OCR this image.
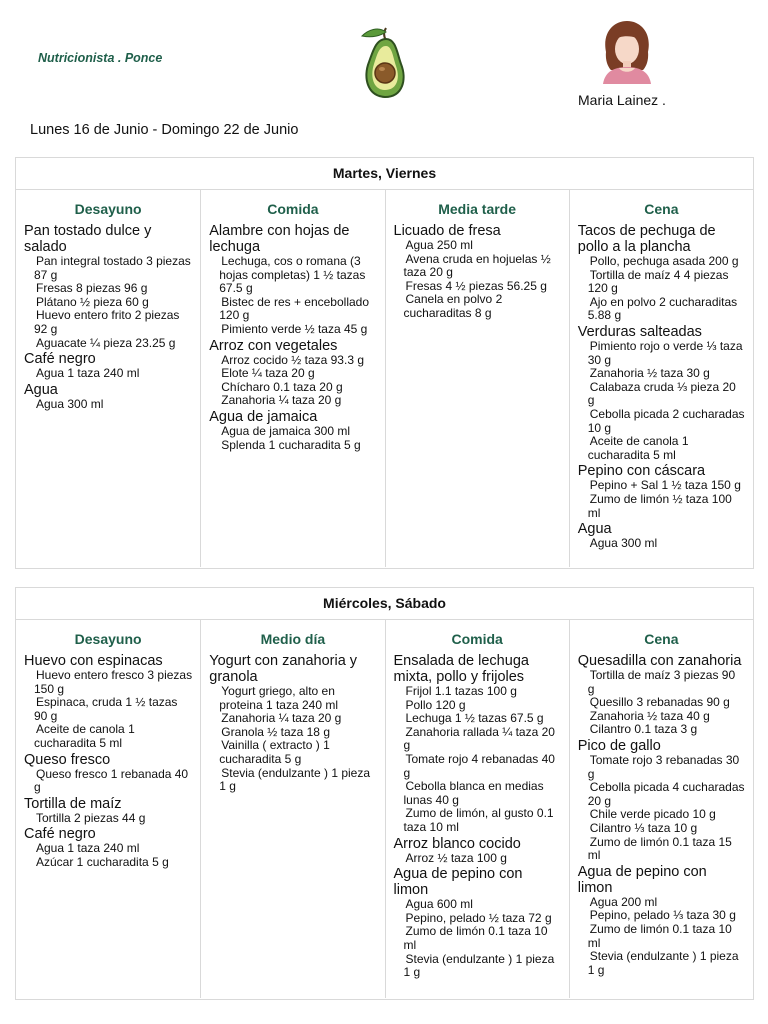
Nutricionista . Ponce
Maria Lainez .
Lunes 16 de Junio - Domingo 22 de Junio
Martes, Viernes
Desayuno
Pan tostado dulce y salado
Pan integral tostado 3 piezas 87 g
Fresas 8 piezas 96 g
Plátano ½ pieza 60 g
Huevo entero frito 2 piezas 92 g
Aguacate ¼ pieza 23.25 g
Café negro
Agua 1 taza 240 ml
Agua
Agua 300 ml
Comida
Alambre con hojas de lechuga
Lechuga, cos o romana (3 hojas completas) 1 ½ tazas 67.5 g
Bistec de res + encebollado 120 g
Pimiento verde ½ taza 45 g
Arroz con vegetales
Arroz cocido ½ taza 93.3 g
Elote ¼ taza 20 g
Chícharo 0.1 taza 20 g
Zanahoria ¼ taza 20 g
Agua de jamaica
Agua de jamaica 300 ml
Splenda 1 cucharadita 5 g
Media tarde
Licuado de fresa
Agua 250 ml
Avena cruda en hojuelas ½ taza 20 g
Fresas 4 ½ piezas 56.25 g
Canela en polvo 2 cucharaditas 8 g
Cena
Tacos de pechuga de pollo a la plancha
Pollo, pechuga asada 200 g
Tortilla de maíz 4 4 piezas 120 g
Ajo en polvo 2 cucharaditas 5.88 g
Verduras salteadas
Pimiento rojo o verde ⅓ taza 30 g
Zanahoria ½ taza 30 g
Calabaza cruda ⅓ pieza 20 g
Cebolla picada 2 cucharadas 10 g
Aceite de canola 1 cucharadita 5 ml
Pepino con cáscara
Pepino + Sal 1 ½ taza 150 g
Zumo de limón ½ taza 100 ml
Agua
Agua 300 ml
Miércoles, Sábado
Desayuno
Huevo con espinacas
Huevo entero fresco 3 piezas 150 g
Espinaca, cruda 1 ½ tazas 90 g
Aceite de canola 1 cucharadita 5 ml
Queso fresco
Queso fresco 1 rebanada 40 g
Tortilla de maíz
Tortilla 2 piezas 44 g
Café negro
Agua 1 taza 240 ml
Azúcar 1 cucharadita 5 g
Medio día
Yogurt con zanahoria y granola
Yogurt griego, alto en proteina 1 taza 240 ml
Zanahoria ¼ taza 20 g
Granola ½ taza 18 g
Vainilla ( extracto ) 1 cucharadita 5 g
Stevia (endulzante ) 1 pieza 1 g
Comida
Ensalada de lechuga mixta, pollo y frijoles
Frijol 1.1 tazas 100 g
Pollo 120 g
Lechuga 1 ½ tazas 67.5 g
Zanahoria rallada ¼ taza 20 g
Tomate rojo 4 rebanadas 40 g
Cebolla blanca en medias lunas 40 g
Zumo de limón, al gusto 0.1 taza 10 ml
Arroz blanco cocido
Arroz ½ taza 100 g
Agua de pepino con limon
Agua 600 ml
Pepino, pelado ½ taza 72 g
Zumo de limón 0.1 taza 10 ml
Stevia (endulzante ) 1 pieza 1 g
Cena
Quesadilla con zanahoria
Tortilla de maíz 3 piezas 90 g
Quesillo 3 rebanadas 90 g
Zanahoria ½ taza 40 g
Cilantro 0.1 taza 3 g
Pico de gallo
Tomate rojo 3 rebanadas 30 g
Cebolla picada 4 cucharadas 20 g
Chile verde picado 10 g
Cilantro ⅓ taza 10 g
Zumo de limón 0.1 taza 15 ml
Agua de pepino con limon
Agua 200 ml
Pepino, pelado ⅓ taza 30 g
Zumo de limón 0.1 taza 10 ml
Stevia (endulzante ) 1 pieza 1 g
